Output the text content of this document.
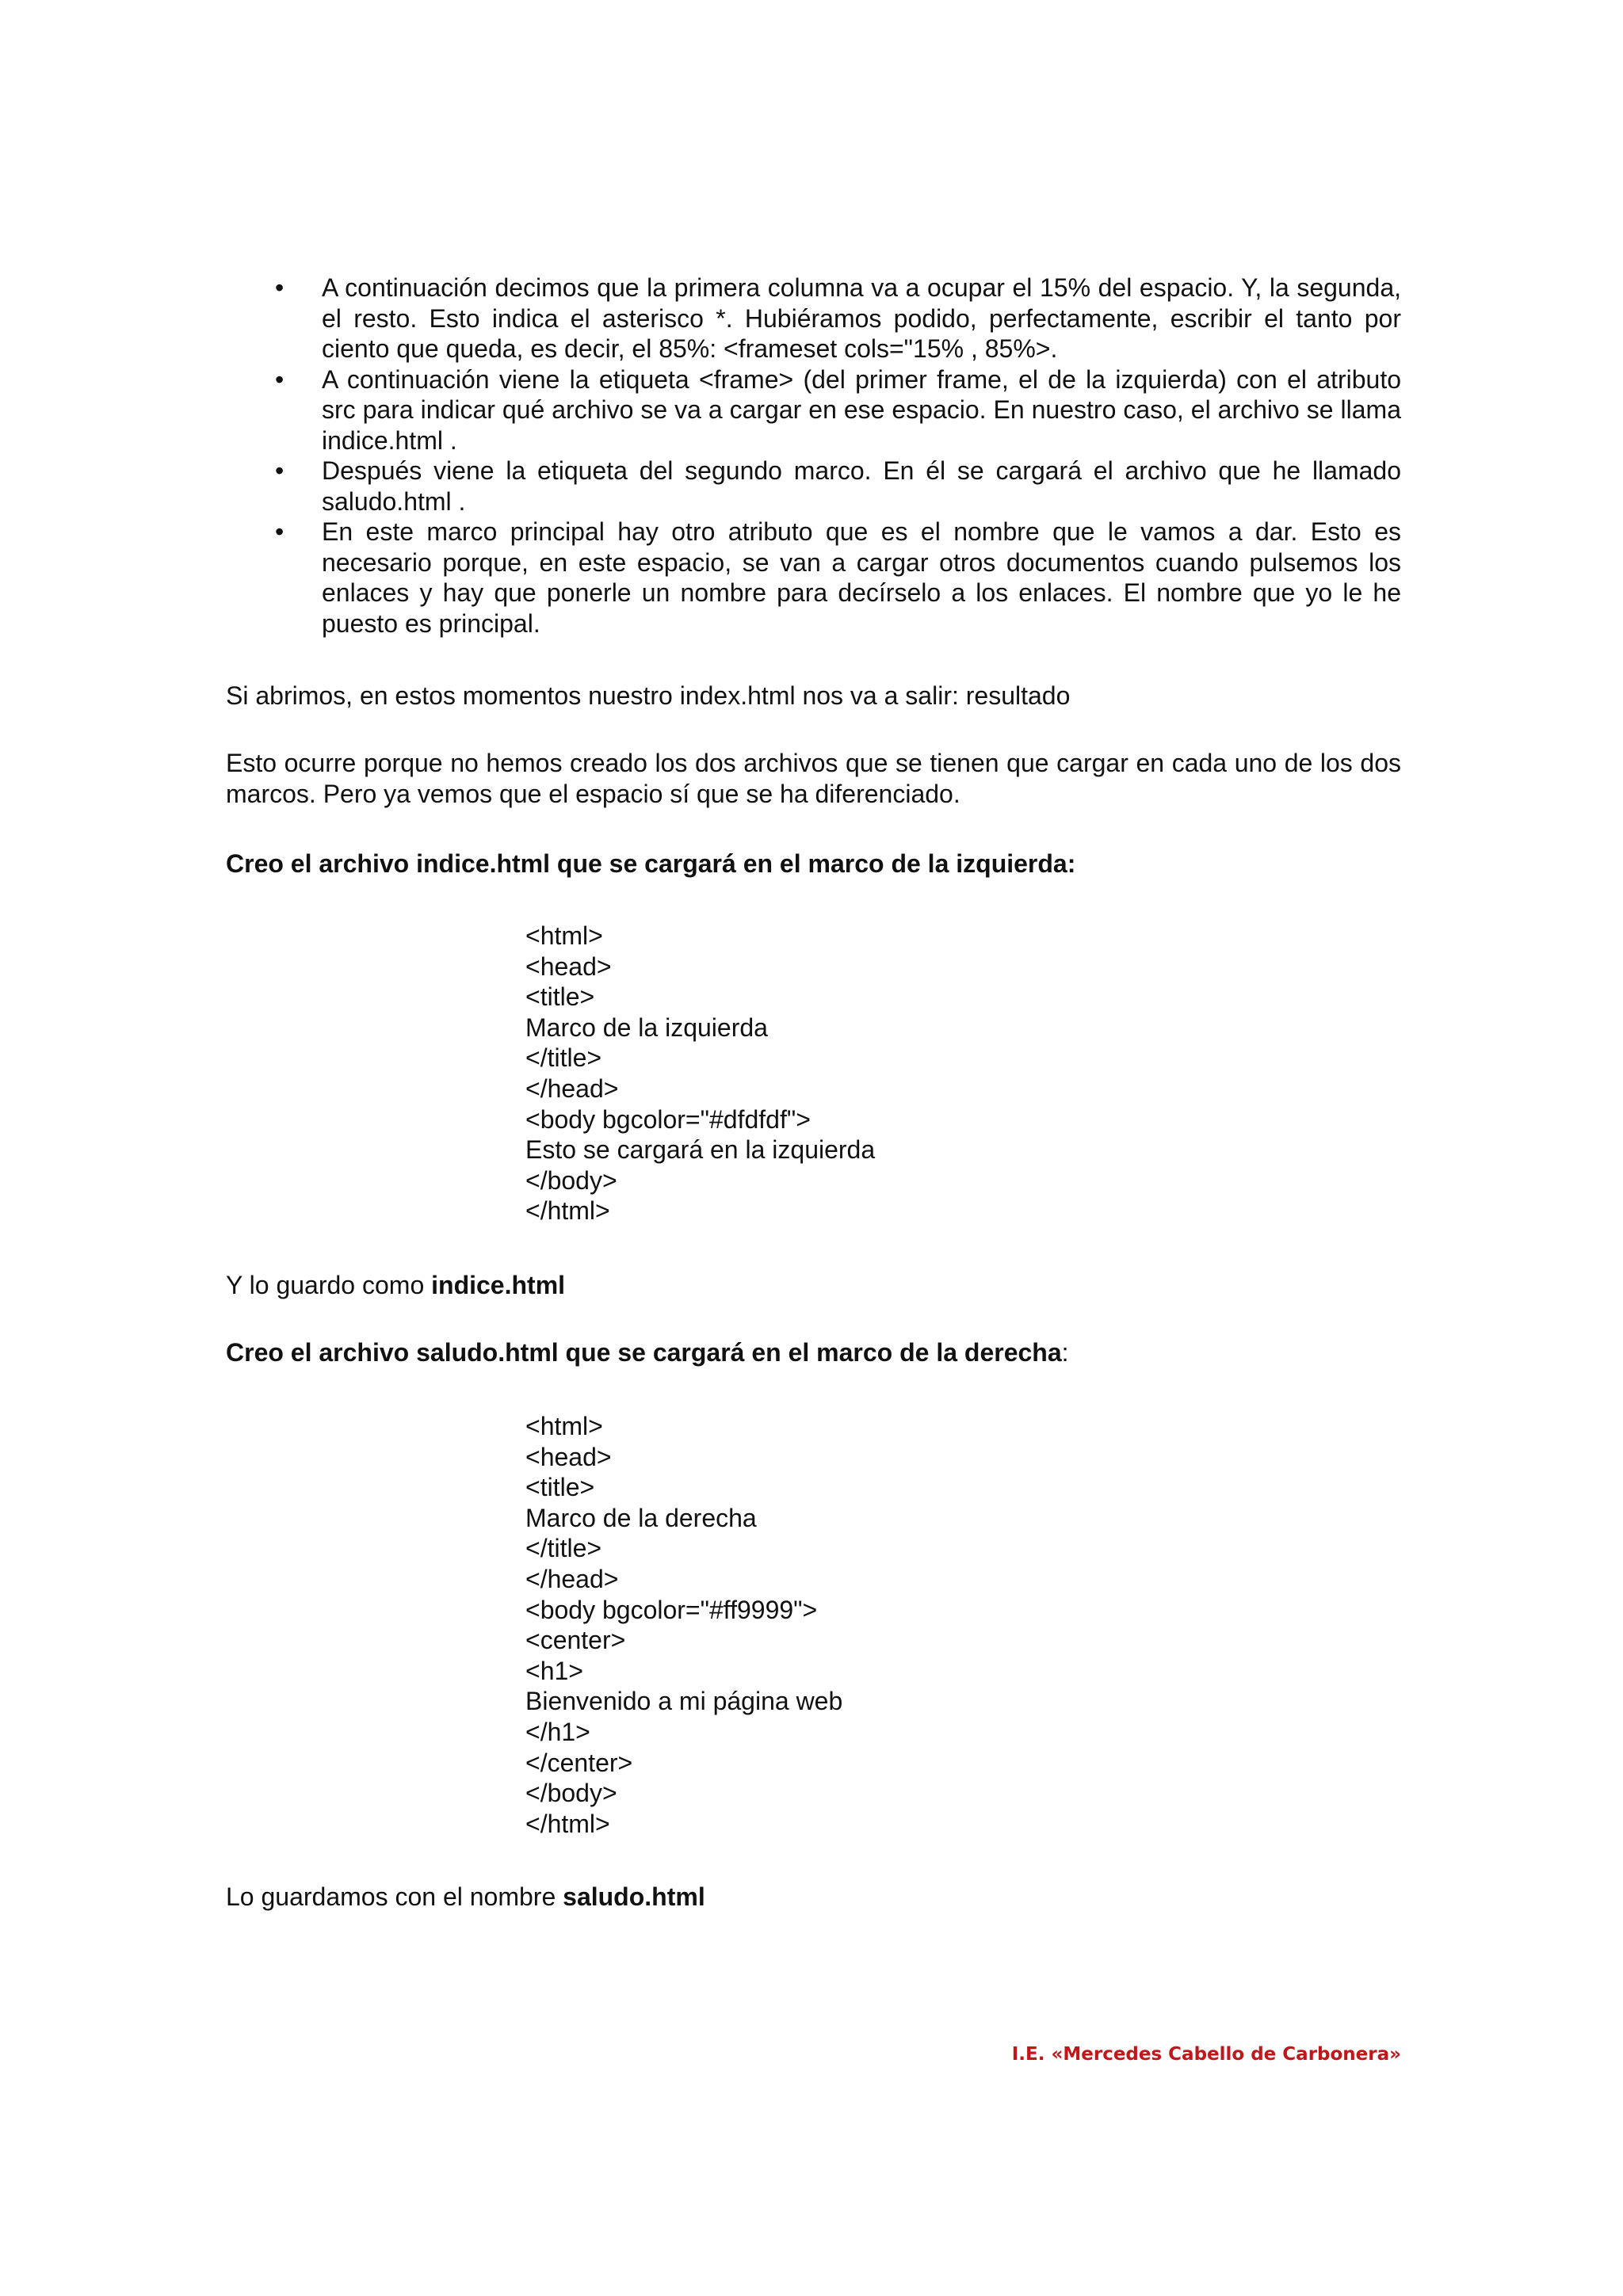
• A continuación decimos que la primera columna va a ocupar el 15% del espacio. Y, la segunda, el resto. Esto indica el asterisco *. Hubiéramos podido, perfectamente, escribir el tanto por ciento que queda, es decir, el 85%: <frameset cols="15% , 85%>.
• A continuación viene la etiqueta <frame> (del primer frame, el de la izquierda) con el atributo src para indicar qué archivo se va a cargar en ese espacio. En nuestro caso, el archivo se llama indice.html .
• Después viene la etiqueta del segundo marco. En él se cargará el archivo que he llamado saludo.html .
• En este marco principal hay otro atributo que es el nombre que le vamos a dar. Esto es necesario porque, en este espacio, se van a cargar otros documentos cuando pulsemos los enlaces y hay que ponerle un nombre para decírselo a los enlaces. El nombre que yo le he puesto es principal.

Si abrimos, en estos momentos nuestro index.html nos va a salir: resultado

Esto ocurre porque no hemos creado los dos archivos que se tienen que cargar en cada uno de los dos marcos. Pero ya vemos que el espacio sí que se ha diferenciado.

Creo el archivo indice.html que se cargará en el marco de la izquierda:

<html>
<head>
<title>
Marco de la izquierda
</title>
</head>
<body bgcolor="#dfdfdf">
Esto se cargará en la izquierda
</body>
</html>

Y lo guardo como indice.html

Creo el archivo saludo.html que se cargará en el marco de la derecha:

<html>
<head>
<title>
Marco de la derecha
</title>
</head>
<body bgcolor="#ff9999">
<center>
<h1>
Bienvenido a mi página web
</h1>
</center>
</body>
</html>

Lo guardamos con el nombre saludo.html

I.E. «Mercedes Cabello de Carbonera»
